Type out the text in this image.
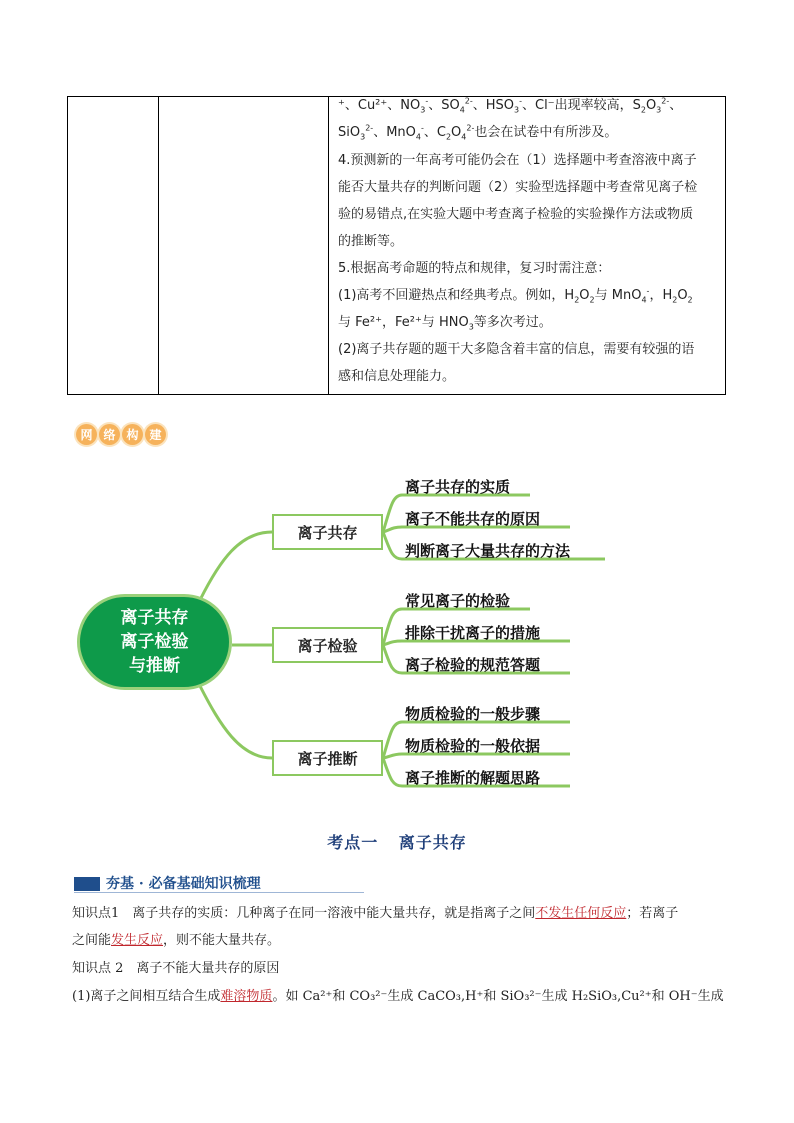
⁺、Cu²⁺、$NO_3^-$、$SO_4^{2-}$、$HSO_3^-$、Cl⁻出现率较高，$S_2O_3^{2-}$、
SiO$_3^{2-}$、MnO$_4$-、$C_2O_4^{2-}$也会在试卷中有所涉及。
4.预测新的一年高考可能仍会在（1）选择题中考查溶液中离子
能否大量共存的判断问题（2）实验型选择题中考查常见离子检
验的易错点,在实验大题中考查离子检验的实验操作方法或物质
的推断等。
5.根据高考命题的特点和规律，复习时需注意：
(1)高考不回避热点和经典考点。例如，$H_2O_2$与 MnO$_4$-，$H_2O_2$
与 Fe²⁺，Fe²⁺与 $HNO_3$等多次考过。
(2)离子共存题的题干大多隐含着丰富的信息，需要有较强的语
感和信息处理能力。
网 络 构 建
离子共存
离子检验
与推断
离子共存
离子检验
离子推断
离子共存的实质
离子不能共存的原因
判断离子大量共存的方法
常见离子的检验
排除干扰离子的措施
离子检验的规范答题
物质检验的一般步骤
物质检验的一般依据
离子推断的解题思路
考点一 离子共存
夯基 · 必备基础知识梳理
知识点1　离子共存的实质：几种离子在同一溶液中能大量共存，就是指离子之间不发生任何反应；若离子
之间能发生反应，则不能大量共存。
知识点 2　离子不能大量共存的原因
(1)离子之间相互结合生成难溶物质。如 Ca²⁺和 CO₃²⁻生成 CaCO₃,H⁺和 SiO₃²⁻生成 H₂SiO₃,Cu²⁺和 OH⁻生成
